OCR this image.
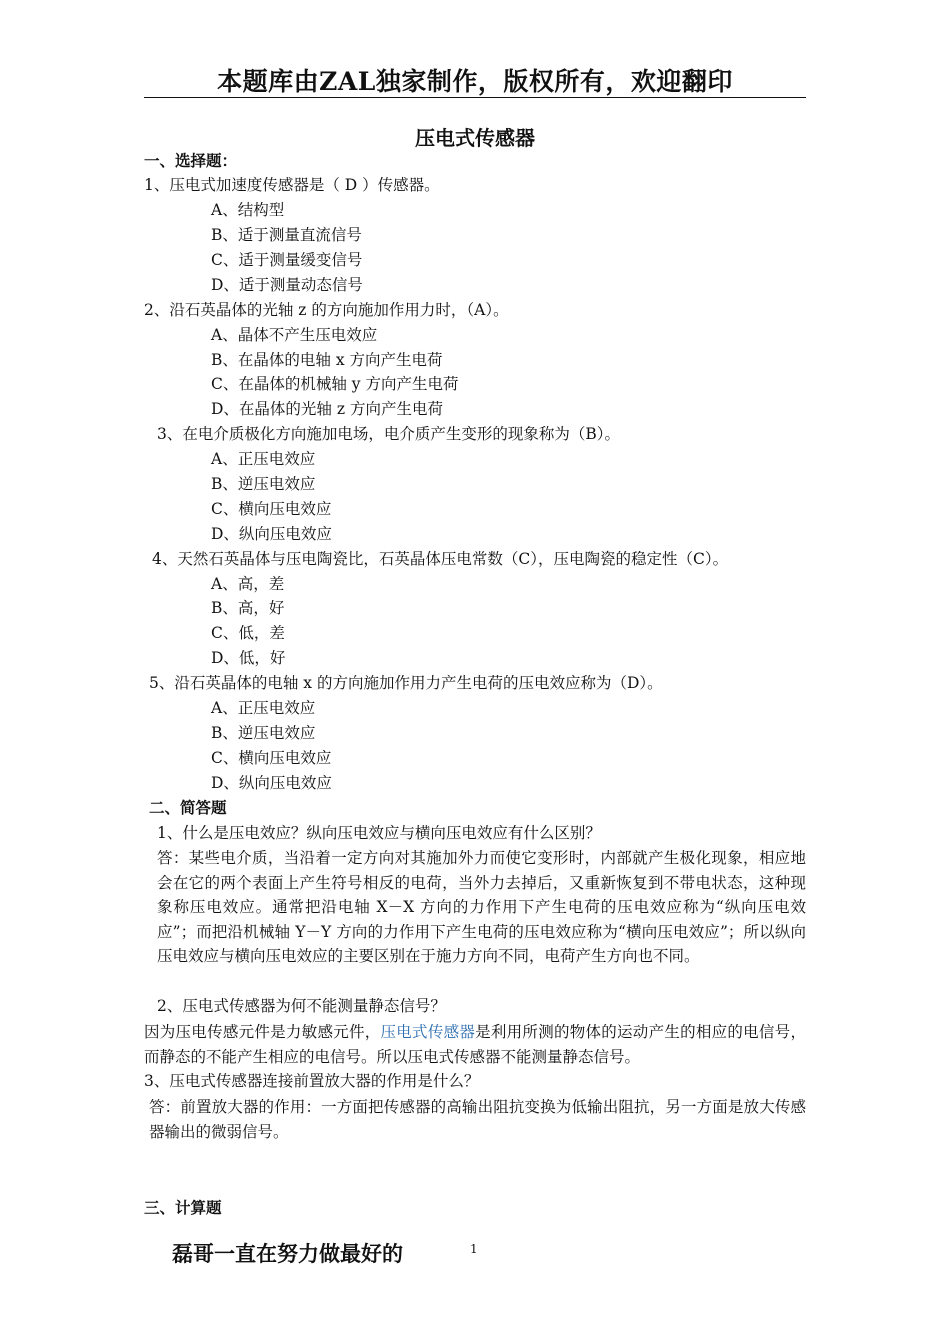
本题库由ZAL独家制作，版权所有，欢迎翻印
压电式传感器
一、选择题：
1、压电式加速度传感器是（ D ）传感器。
A、结构型
B、适于测量直流信号
C、适于测量缓变信号
D、适于测量动态信号
2、沿石英晶体的光轴 z 的方向施加作用力时，（A）。
A、晶体不产生压电效应
B、在晶体的电轴 x 方向产生电荷
C、在晶体的机械轴 y 方向产生电荷
D、在晶体的光轴 z 方向产生电荷
3、在电介质极化方向施加电场，电介质产生变形的现象称为（B）。
A、正压电效应
B、逆压电效应
C、横向压电效应
D、纵向压电效应
4、天然石英晶体与压电陶瓷比，石英晶体压电常数（C），压电陶瓷的稳定性（C）。
A、高，差
B、高，好
C、低，差
D、低，好
5、沿石英晶体的电轴 x 的方向施加作用力产生电荷的压电效应称为（D）。
A、正压电效应
B、逆压电效应
C、横向压电效应
D、纵向压电效应
二、简答题
1、什么是压电效应？纵向压电效应与横向压电效应有什么区别？
答：某些电介质，当沿着一定方向对其施加外力而使它变形时，内部就产生极化现象，相应地会在它的两个表面上产生符号相反的电荷，当外力去掉后，又重新恢复到不带电状态，这种现象称压电效应。通常把沿电轴 X－X 方向的力作用下产生电荷的压电效应称为“纵向压电效应”；而把沿机械轴 Y－Y 方向的力作用下产生电荷的压电效应称为“横向压电效应”；所以纵向压电效应与横向压电效应的主要区别在于施力方向不同，电荷产生方向也不同。
2、压电式传感器为何不能测量静态信号？
因为压电传感元件是力敏感元件，压电式传感器是利用所测的物体的运动产生的相应的电信号，而静态的不能产生相应的电信号。所以压电式传感器不能测量静态信号。
3、压电式传感器连接前置放大器的作用是什么？
答：前置放大器的作用：一方面把传感器的高输出阻抗变换为低输出阻抗，另一方面是放大传感器输出的微弱信号。
三、计算题
磊哥一直在努力做最好的	1
